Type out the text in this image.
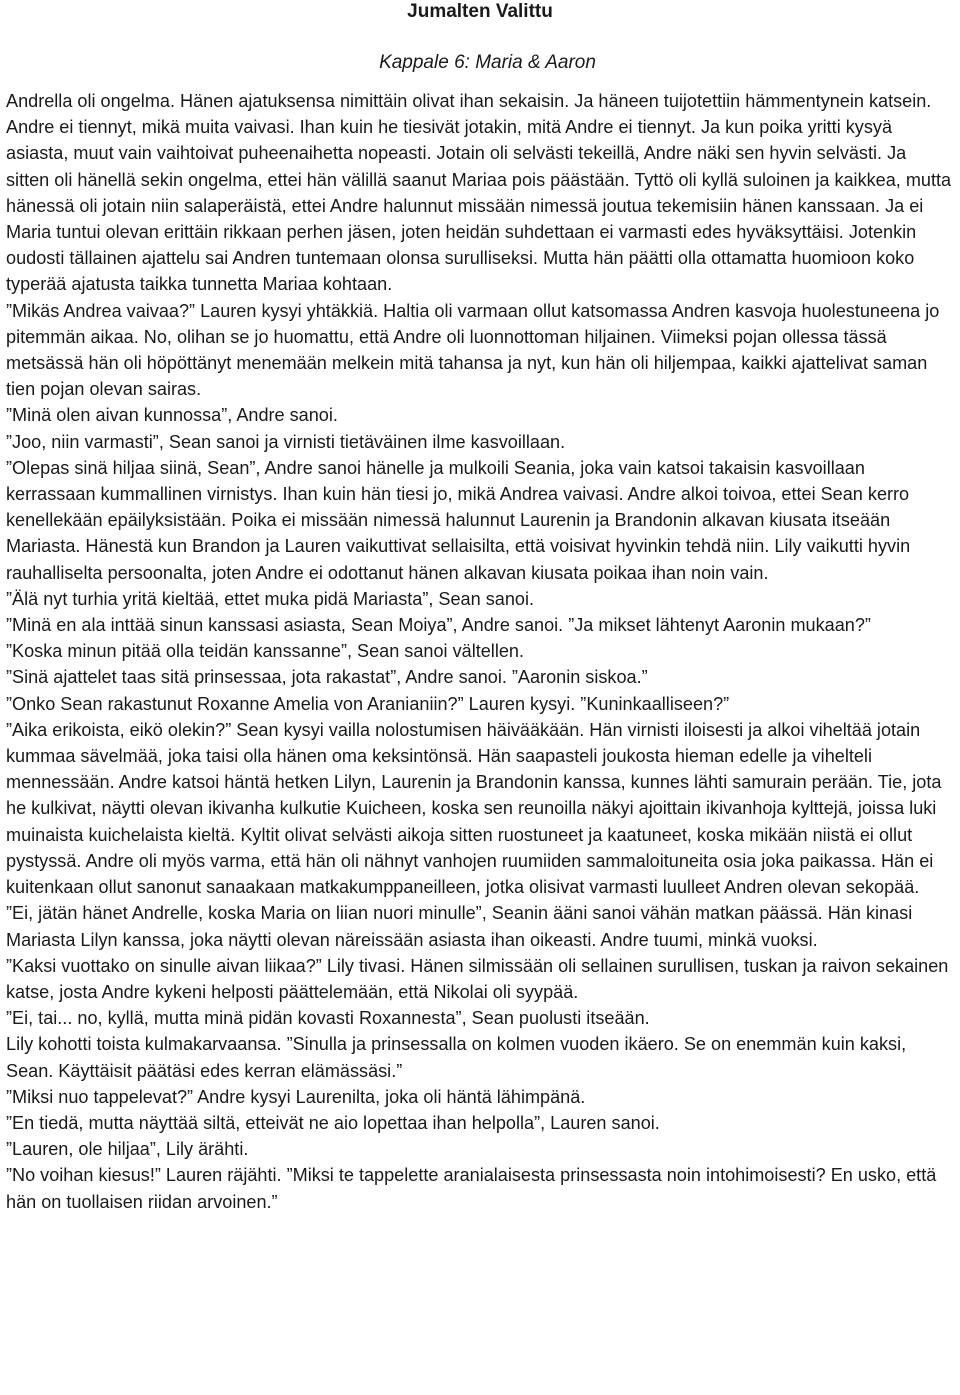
Jumalten Valittu
Kappale 6: Maria & Aaron

Andrella oli ongelma. Hänen ajatuksensa nimittäin olivat ihan sekaisin. Ja häneen tuijotettiin hämmentynein katsein. Andre ei tiennyt, mikä muita vaivasi. Ihan kuin he tiesivät jotakin, mitä Andre ei tiennyt. Ja kun poika yritti kysyä asiasta, muut vain vaihtoivat puheenaihetta nopeasti. Jotain oli selvästi tekeillä, Andre näki sen hyvin selvästi. Ja sitten oli hänellä sekin ongelma, ettei hän välillä saanut Mariaa pois päästään. Tyttö oli kyllä suloinen ja kaikkea, mutta hänessä oli jotain niin salaperäistä, ettei Andre halunnut missään nimessä joutua tekemisiin hänen kanssaan. Ja ei Maria tuntui olevan erittäin rikkaan perhen jäsen, joten heidän suhdettaan ei varmasti edes hyväksyttäisi. Jotenkin oudosti tällainen ajattelu sai Andren tuntemaan olonsa surulliseksi. Mutta hän päätti olla ottamatta huomioon koko typerää ajatusta taikka tunnetta Mariaa kohtaan.

”Mikäs Andrea vaivaa?” Lauren kysyi yhtäkkiä. Haltia oli varmaan ollut katsomassa Andren kasvoja huolestuneena jo pitemmän aikaa. No, olihan se jo huomattu, että Andre oli luonnottoman hiljainen. Viimeksi pojan ollessa tässä metsässä hän oli höpöttänyt menemään melkein mitä tahansa ja nyt, kun hän oli hiljempaa, kaikki ajattelivat saman tien pojan olevan sairas.

”Minä olen aivan kunnossa”, Andre sanoi.

”Joo, niin varmasti”, Sean sanoi ja virnisti tietäväinen ilme kasvoillaan.

”Olepas sinä hiljaa siinä, Sean”, Andre sanoi hänelle ja mulkoili Seania, joka vain katsoi takaisin kasvoillaan kerrassaan kummallinen virnistys. Ihan kuin hän tiesi jo, mikä Andrea vaivasi. Andre alkoi toivoa, ettei Sean kerro kenellekään epäilyksistään. Poika ei missään nimessä halunnut Laurenin ja Brandonin alkavan kiusata itseään Mariasta. Hänestä kun Brandon ja Lauren vaikuttivat sellaisilta, että voisivat hyvinkin tehdä niin. Lily vaikutti hyvin rauhalliselta persoonalta, joten Andre ei odottanut hänen alkavan kiusata poikaa ihan noin vain.

”Älä nyt turhia yritä kieltää, ettet muka pidä Mariasta”, Sean sanoi.

”Minä en ala inttää sinun kanssasi asiasta, Sean Moiya”, Andre sanoi. ”Ja mikset lähtenyt Aaronin mukaan?”

”Koska minun pitää olla teidän kanssanne”, Sean sanoi vältellen.

”Sinä ajattelet taas sitä prinsessaa, jota rakastat”, Andre sanoi. ”Aaronin siskoa.”

”Onko Sean rakastunut Roxanne Amelia von Aranianiin?” Lauren kysyi. ”Kuninkaalliseen?”

”Aika erikoista, eikö olekin?” Sean kysyi vailla nolostumisen häivääkään. Hän virnisti iloisesti ja alkoi viheltää jotain kummaa sävelmää, joka taisi olla hänen oma keksintönsä. Hän saapasteli joukosta hieman edelle ja vihelteli mennessään. Andre katsoi häntä hetken Lilyn, Laurenin ja Brandonin kanssa, kunnes lähti samurain perään. Tie, jota he kulkivat, näytti olevan ikivanha kulkutie Kuicheen, koska sen reunoilla näkyi ajoittain ikivanhoja kylttejä, joissa luki muinaista kuichelaista kieltä. Kyltit olivat selvästi aikoja sitten ruostuneet ja kaatuneet, koska mikään niistä ei ollut pystyssä. Andre oli myös varma, että hän oli nähnyt vanhojen ruumiiden sammaloituneita osia joka paikassa. Hän ei kuitenkaan ollut sanonut sanaakaan matkakumppaneilleen, jotka olisivat varmasti luulleet Andren olevan sekopää.

”Ei, jätän hänet Andrelle, koska Maria on liian nuori minulle”, Seanin ääni sanoi vähän matkan päässä. Hän kinasi Mariasta Lilyn kanssa, joka näytti olevan näreissään asiasta ihan oikeasti. Andre tuumi, minkä vuoksi.

”Kaksi vuottako on sinulle aivan liikaa?” Lily tivasi. Hänen silmissään oli sellainen surullisen, tuskan ja raivon sekainen katse, josta Andre kykeni helposti päättelemään, että Nikolai oli syypää.

”Ei, tai... no, kyllä, mutta minä pidän kovasti Roxannesta”, Sean puolusti itseään.

Lily kohotti toista kulmakarvaansa. ”Sinulla ja prinsessalla on kolmen vuoden ikäero. Se on enemmän kuin kaksi, Sean. Käyttäisit päätäsi edes kerran elämässäsi.”

”Miksi nuo tappelevat?” Andre kysyi Laurenilta, joka oli häntä lähimpänä.

”En tiedä, mutta näyttää siltä, etteivät ne aio lopettaa ihan helpolla”, Lauren sanoi.

”Lauren, ole hiljaa”, Lily ärähti.

”No voihan kiesus!” Lauren räjähti. ”Miksi te tappelette aranialaisesta prinsessasta noin intohimoisesti? En usko, että hän on tuollaisen riidan arvoinen.”
